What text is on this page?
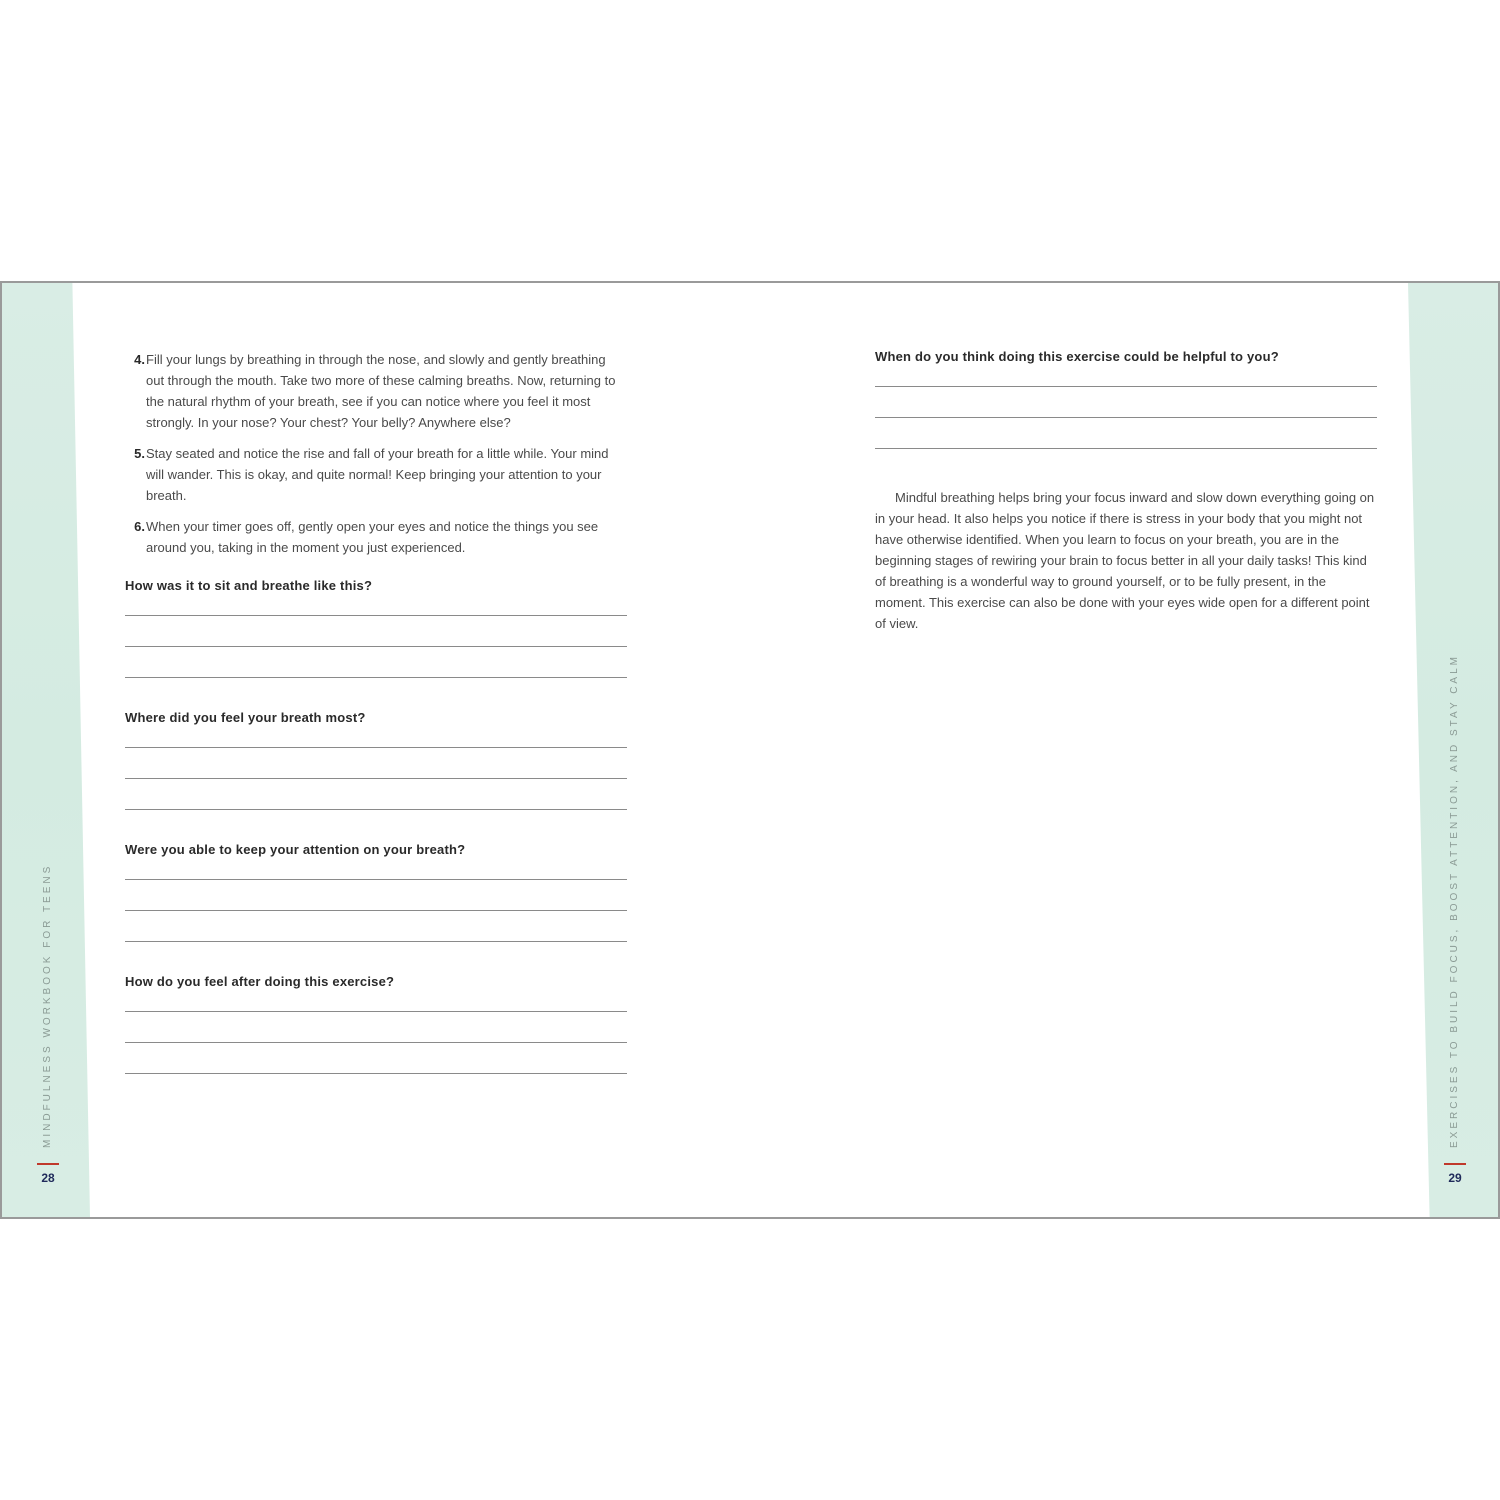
MINDFULNESS WORKBOOK FOR TEENS
28
EXERCISES TO BUILD FOCUS, BOOST ATTENTION, AND STAY CALM
29
4. Fill your lungs by breathing in through the nose, and slowly and gently breathing out through the mouth. Take two more of these calming breaths. Now, returning to the natural rhythm of your breath, see if you can notice where you feel it most strongly. In your nose? Your chest? Your belly? Anywhere else?
5. Stay seated and notice the rise and fall of your breath for a little while. Your mind will wander. This is okay, and quite normal! Keep bringing your attention to your breath.
6. When your timer goes off, gently open your eyes and notice the things you see around you, taking in the moment you just experienced.
How was it to sit and breathe like this?
Where did you feel your breath most?
Were you able to keep your attention on your breath?
How do you feel after doing this exercise?
When do you think doing this exercise could be helpful to you?

Mindful breathing helps bring your focus inward and slow down everything going on in your head. It also helps you notice if there is stress in your body that you might not have otherwise identified. When you learn to focus on your breath, you are in the beginning stages of rewiring your brain to focus better in all your daily tasks! This kind of breathing is a wonderful way to ground yourself, or to be fully present, in the moment. This exercise can also be done with your eyes wide open for a different point of view.
